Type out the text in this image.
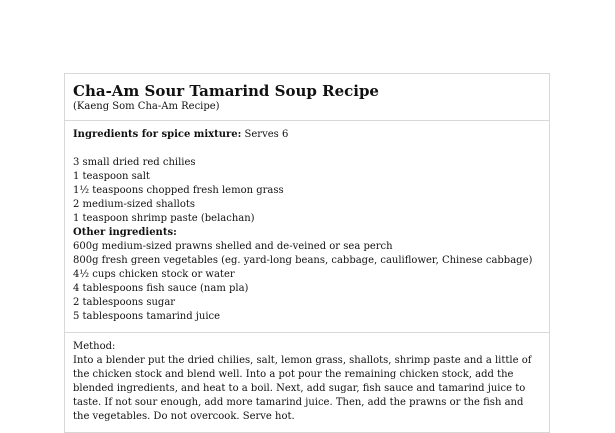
Cha-Am Sour Tamarind Soup Recipe
(Kaeng Som Cha-Am Recipe)
Ingredients for spice mixture: Serves 6
3 small dried red chilies
1 teaspoon salt
1½ teaspoons chopped fresh lemon grass
2 medium-sized shallots
1 teaspoon shrimp paste (belachan)
Other ingredients:
600g medium-sized prawns shelled and de-veined or sea perch
800g fresh green vegetables (eg. yard-long beans, cabbage, cauliflower, Chinese cabbage)
4½ cups chicken stock or water
4 tablespoons fish sauce (nam pla)
2 tablespoons sugar
5 tablespoons tamarind juice
Method:
Into a blender put the dried chilies, salt, lemon grass, shallots, shrimp paste and a little of the chicken stock and blend well. Into a pot pour the remaining chicken stock, add the blended ingredients, and heat to a boil. Next, add sugar, fish sauce and tamarind juice to taste. If not sour enough, add more tamarind juice. Then, add the prawns or the fish and the vegetables. Do not overcook. Serve hot.
